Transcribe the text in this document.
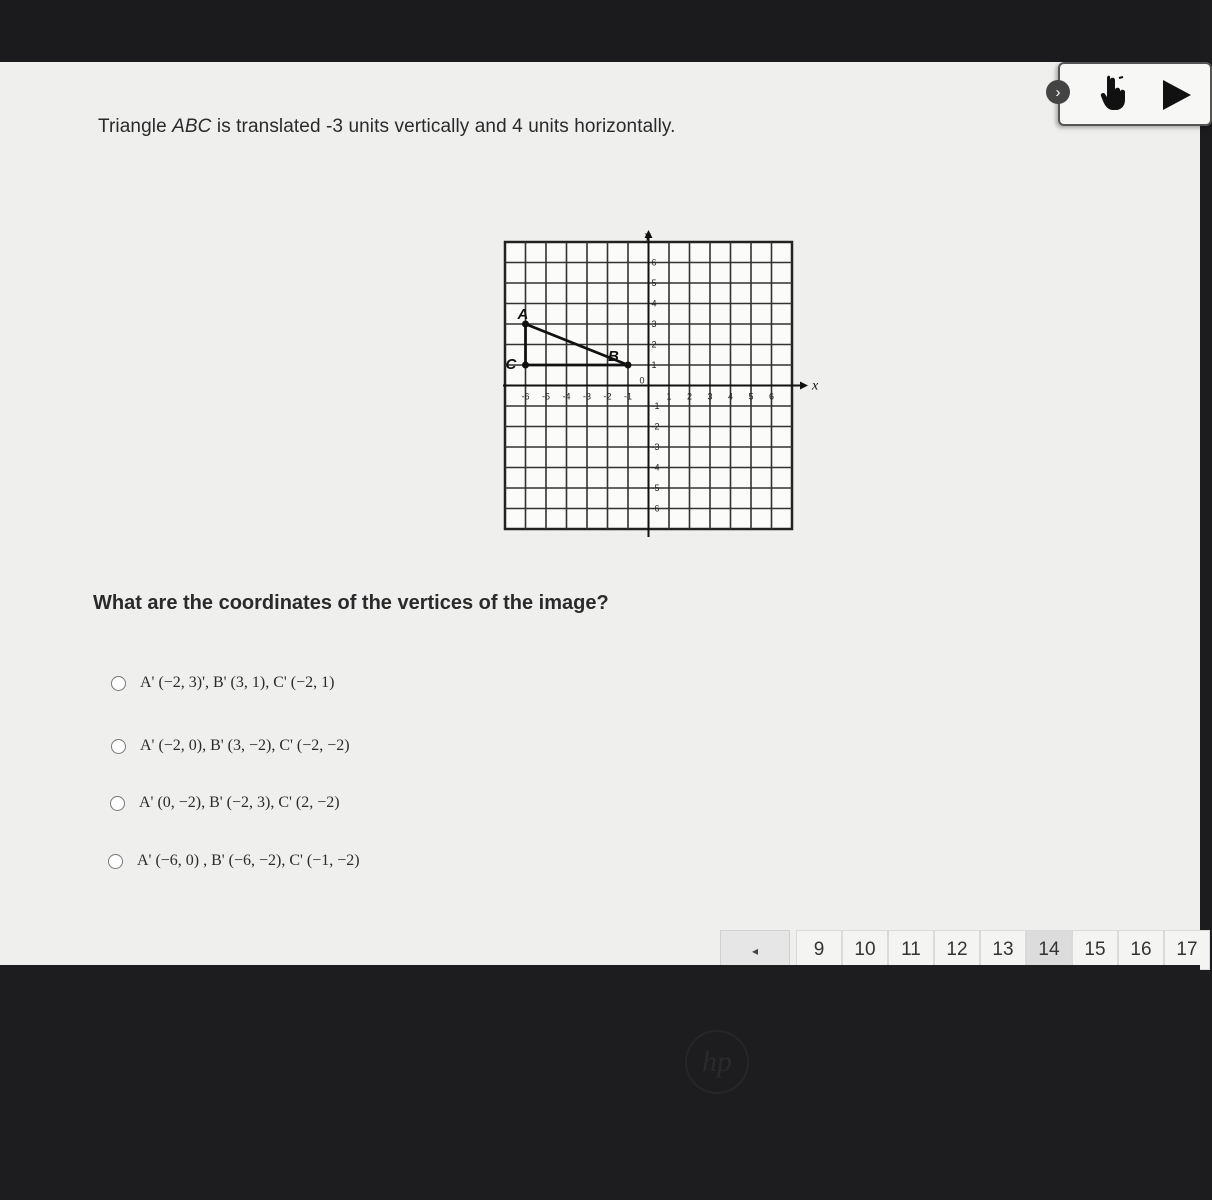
Triangle ABC is translated -3 units vertically and 4 units horizontally.

›
x
y
-6 -5 -4 -3 -2 -1	1 2 3 4 5 6
6
5
4
3
2
1
-1
-2
-3
-4
-5
-6
0
A
B
C

What are the coordinates of the vertices of the image?

A' (−2, 3)', B' (3, 1), C' (−2, 1)
A' (−2, 0), B' (3, −2), C' (−2, −2)
A' (0, −2), B' (−2, 3), C' (2, −2)
A' (−6, 0) , B' (−6, −2), C' (−1, −2)
◂	9	10	11	12	13	14	15	16	17
hp
